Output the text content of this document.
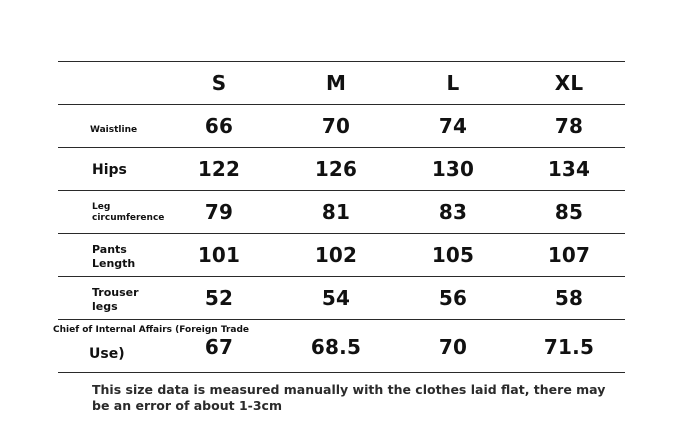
S	M	L	XL
Waistline	66	70	74	78
Hips	122	126	130	134
Leg
circumference	79	81	83	85
Pants
Length	101	102	105	107
Trouser
legs	52	54	56	58
Chief of Internal Affairs (Foreign Trade
Use)	67	68.5	70	71.5
This size data is measured manually with the clothes laid flat, there may be an error of about 1-3cm
